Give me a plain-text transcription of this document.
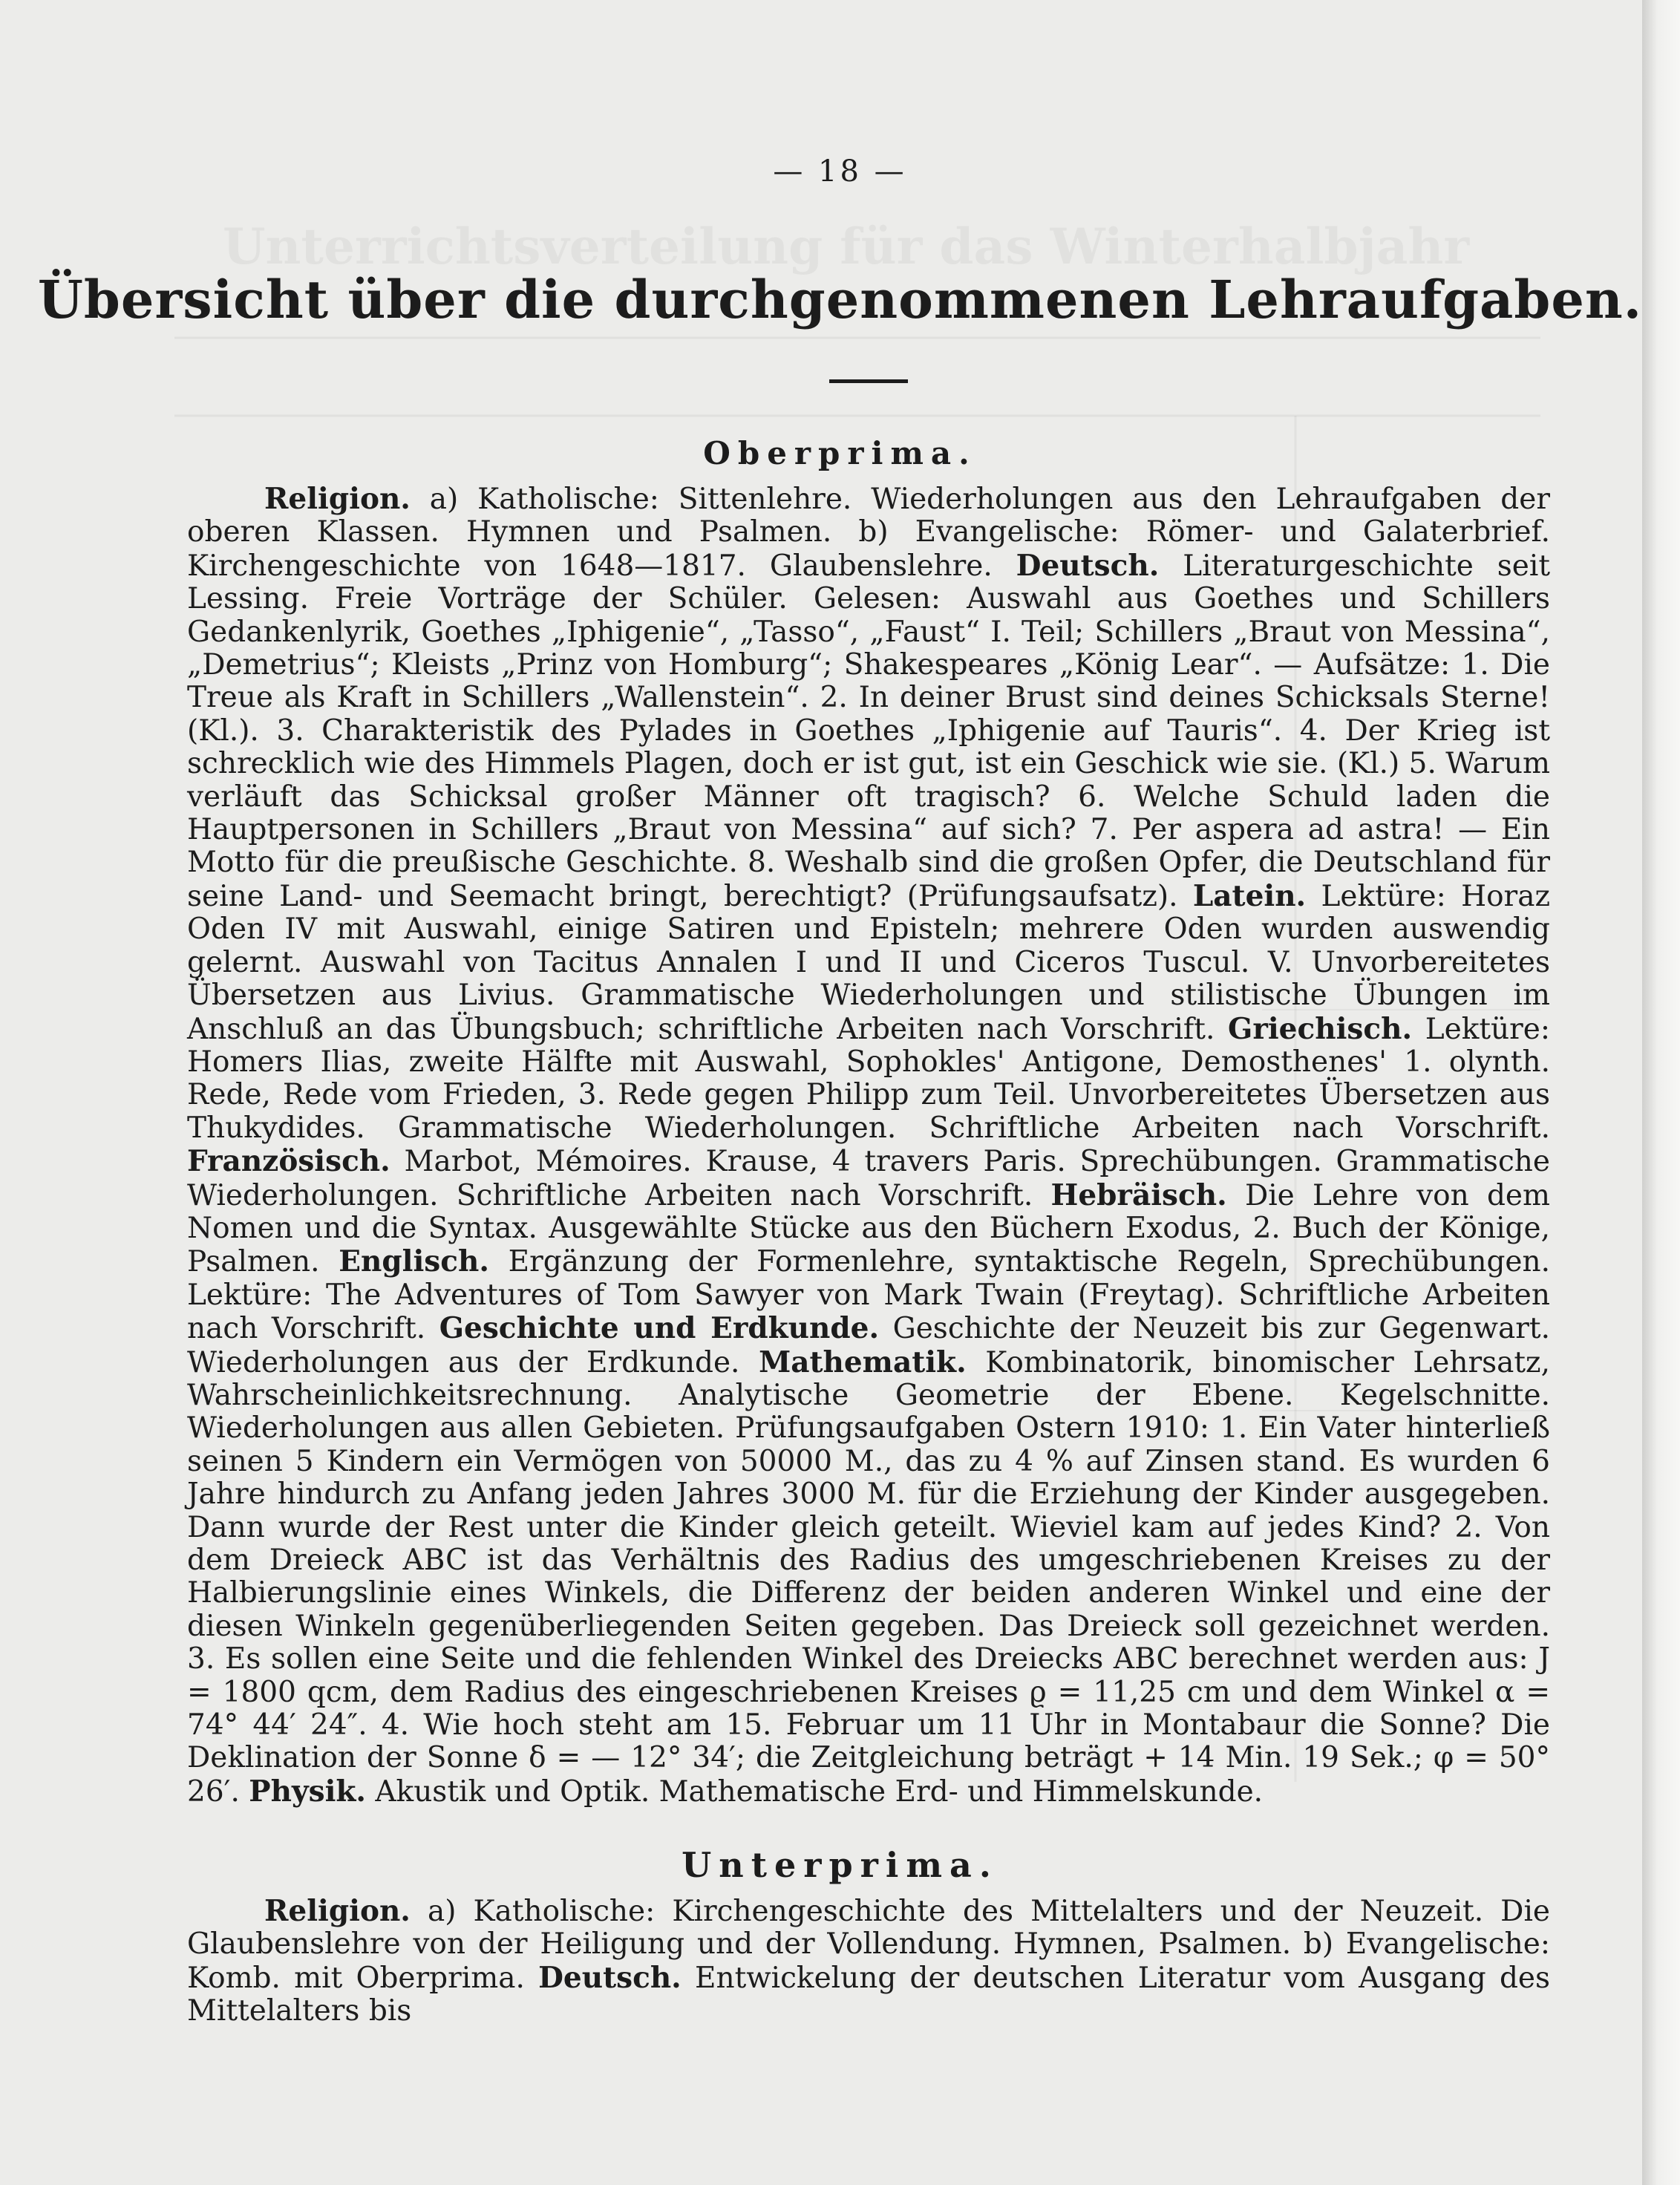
Unterrichtsverteilung für das Winterhalbjahr
— 18 —
Übersicht über die durchgenommenen Lehraufgaben.
Oberprima.
Religion. a) Katholische: Sittenlehre. Wiederholungen aus den Lehraufgaben der oberen Klassen. Hymnen und Psalmen. b) Evangelische: Römer- und Galaterbrief. Kirchengeschichte von 1648—1817. Glaubenslehre. Deutsch. Literaturgeschichte seit Lessing. Freie Vorträge der Schüler. Gelesen: Auswahl aus Goethes und Schillers Gedankenlyrik, Goethes „Iphigenie“, „Tasso“, „Faust“ I. Teil; Schillers „Braut von Messina“, „Demetrius“; Kleists „Prinz von Homburg“; Shakespeares „König Lear“. — Aufsätze: 1. Die Treue als Kraft in Schillers „Wallenstein“. 2. In deiner Brust sind deines Schicksals Sterne! (Kl.). 3. Charakteristik des Pylades in Goethes „Iphigenie auf Tauris“. 4. Der Krieg ist schrecklich wie des Himmels Plagen, doch er ist gut, ist ein Geschick wie sie. (Kl.) 5. Warum verläuft das Schicksal großer Männer oft tragisch? 6. Welche Schuld laden die Hauptpersonen in Schillers „Braut von Messina“ auf sich? 7. Per aspera ad astra! — Ein Motto für die preußische Geschichte. 8. Weshalb sind die großen Opfer, die Deutschland für seine Land- und Seemacht bringt, berechtigt? (Prüfungsaufsatz). Latein. Lektüre: Horaz Oden IV mit Auswahl, einige Satiren und Episteln; mehrere Oden wurden auswendig gelernt. Auswahl von Tacitus Annalen I und II und Ciceros Tuscul. V. Unvorbereitetes Übersetzen aus Livius. Grammatische Wiederholungen und stilistische Übungen im Anschluß an das Übungsbuch; schriftliche Arbeiten nach Vorschrift. Griechisch. Lektüre: Homers Ilias, zweite Hälfte mit Auswahl, Sophokles' Antigone, Demosthenes' 1. olynth. Rede, Rede vom Frieden, 3. Rede gegen Philipp zum Teil. Unvorbereitetes Übersetzen aus Thukydides. Grammatische Wiederholungen. Schriftliche Arbeiten nach Vorschrift. Französisch. Marbot, Mémoires. Krause, 4 travers Paris. Sprechübungen. Grammatische Wiederholungen. Schriftliche Arbeiten nach Vorschrift. Hebräisch. Die Lehre von dem Nomen und die Syntax. Ausgewählte Stücke aus den Büchern Exodus, 2. Buch der Könige, Psalmen. Englisch. Ergänzung der Formenlehre, syntaktische Regeln, Sprechübungen. Lektüre: The Adventures of Tom Sawyer von Mark Twain (Freytag). Schriftliche Arbeiten nach Vorschrift. Geschichte und Erdkunde. Geschichte der Neuzeit bis zur Gegenwart. Wiederholungen aus der Erdkunde. Mathematik. Kombinatorik, binomischer Lehrsatz, Wahrscheinlichkeitsrechnung. Analytische Geometrie der Ebene. Kegelschnitte. Wiederholungen aus allen Gebieten. Prüfungsaufgaben Ostern 1910: 1. Ein Vater hinterließ seinen 5 Kindern ein Vermögen von 50000 M., das zu 4 % auf Zinsen stand. Es wurden 6 Jahre hindurch zu Anfang jeden Jahres 3000 M. für die Erziehung der Kinder ausgegeben. Dann wurde der Rest unter die Kinder gleich geteilt. Wieviel kam auf jedes Kind? 2. Von dem Dreieck ABC ist das Verhältnis des Radius des umgeschriebenen Kreises zu der Halbierungslinie eines Winkels, die Differenz der beiden anderen Winkel und eine der diesen Winkeln gegenüberliegenden Seiten gegeben. Das Dreieck soll gezeichnet werden. 3. Es sollen eine Seite und die fehlenden Winkel des Dreiecks ABC berechnet werden aus: J = 1800 qcm, dem Radius des eingeschriebenen Kreises ϱ = 11,25 cm und dem Winkel α = 74° 44′ 24″. 4. Wie hoch steht am 15. Februar um 11 Uhr in Montabaur die Sonne? Die Deklination der Sonne δ = — 12° 34′; die Zeitgleichung beträgt + 14 Min. 19 Sek.; φ = 50° 26′. Physik. Akustik und Optik. Mathematische Erd- und Himmelskunde.
Unterprima.
Religion. a) Katholische: Kirchengeschichte des Mittelalters und der Neuzeit. Die Glaubenslehre von der Heiligung und der Vollendung. Hymnen, Psalmen. b) Evangelische: Komb. mit Oberprima. Deutsch. Entwickelung der deutschen Literatur vom Ausgang des Mittelalters bis
